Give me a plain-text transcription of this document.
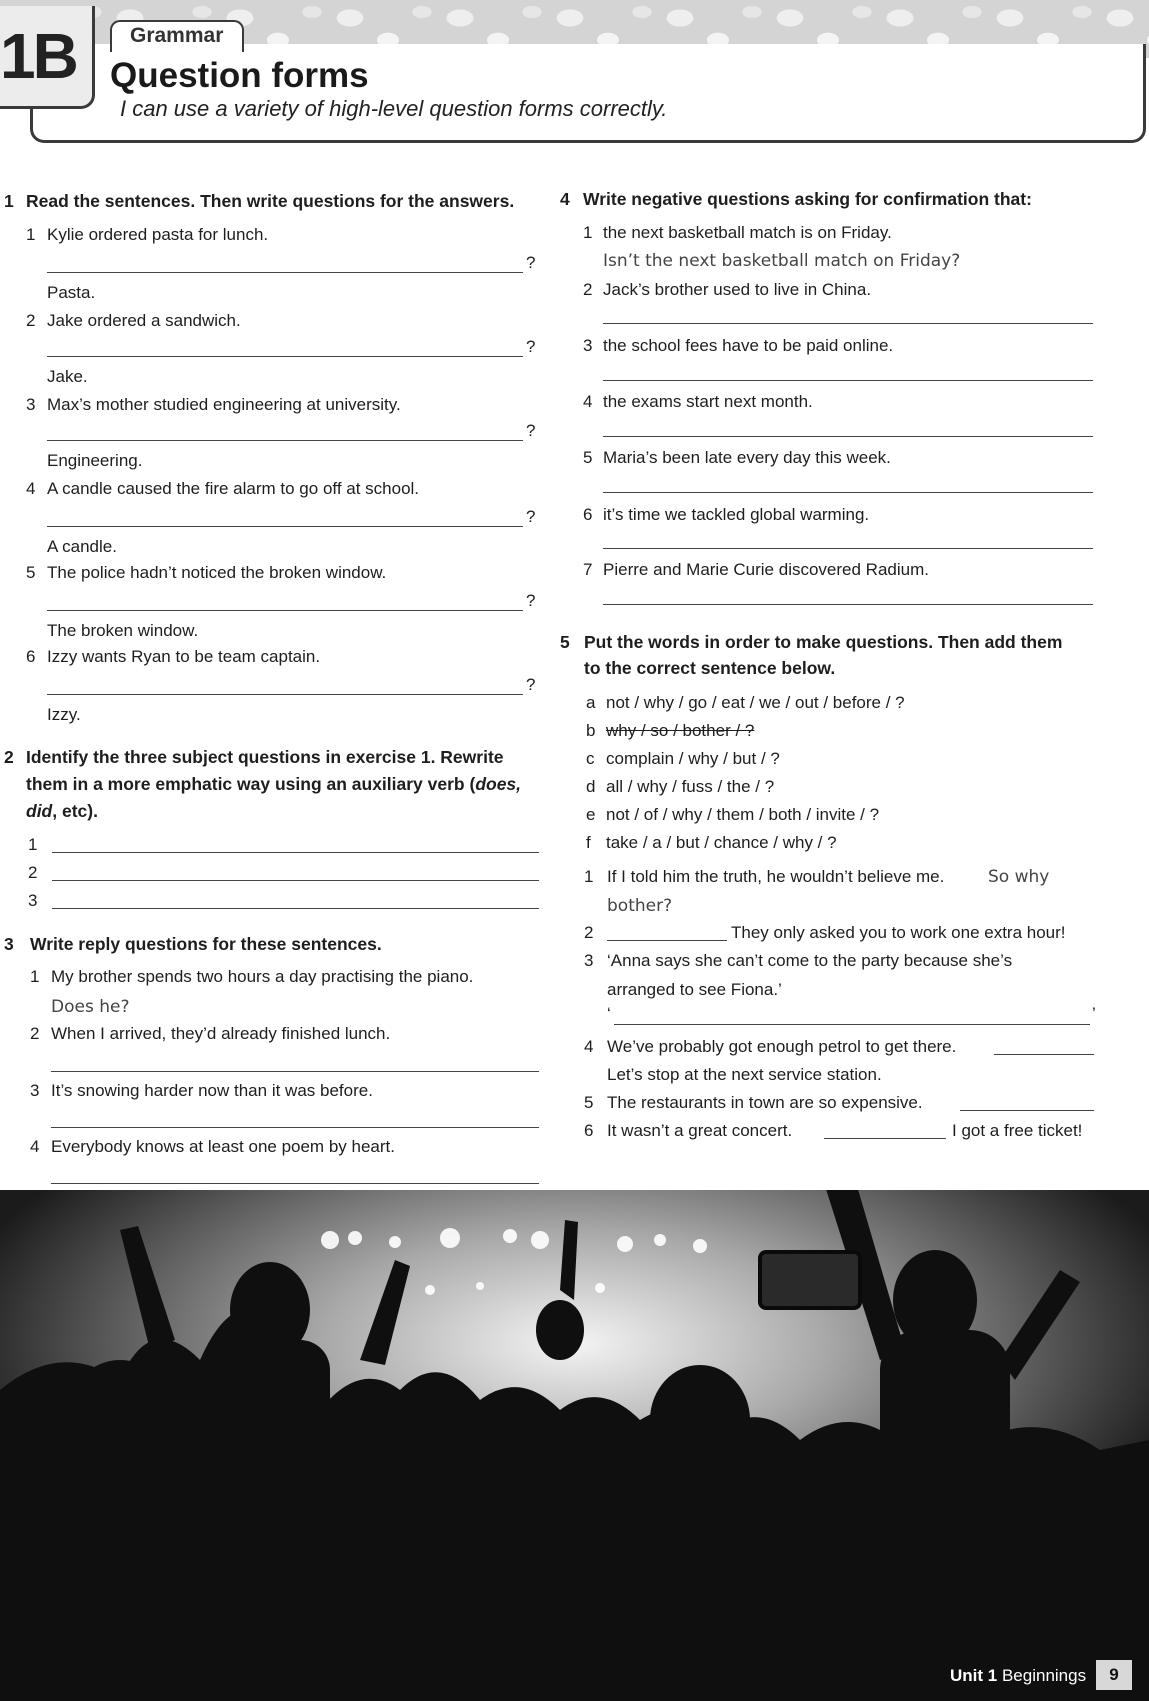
1B	Grammar
Question forms
I can use a variety of high-level question forms correctly.
1 Read the sentences. Then write questions for the answers.
1 Kylie ordered pasta for lunch.
?
Pasta.
2 Jake ordered a sandwich.
?
Jake.
3 Max’s mother studied engineering at university.
?
Engineering.
4 A candle caused the fire alarm to go off at school.
?
A candle.
5 The police hadn’t noticed the broken window.
?
The broken window.
6 Izzy wants Ryan to be team captain.
?
Izzy.
2 Identify the three subject questions in exercise 1. Rewrite
them in a more emphatic way using an auxiliary verb (does,
did, etc).
1
2
3
3 Write reply questions for these sentences.
1 My brother spends two hours a day practising the piano.
Does he?
2 When I arrived, they’d already finished lunch.
3 It’s snowing harder now than it was before.
4 Everybody knows at least one poem by heart.
4 Write negative questions asking for confirmation that:
1 the next basketball match is on Friday.
Isn’t the next basketball match on Friday?
2 Jack’s brother used to live in China.
3 the school fees have to be paid online.
4 the exams start next month.
5 Maria’s been late every day this week.
6 it’s time we tackled global warming.
7 Pierre and Marie Curie discovered Radium.
5 Put the words in order to make questions. Then add them
to the correct sentence below.
a not / why / go / eat / we / out / before / ?
b why / so / bother / ?
c complain / why / but / ?
d all / why / fuss / the / ?
e not / of / why / them / both / invite / ?
f take / a / but / chance / why / ?
1 If I told him the truth, he wouldn’t believe me.	So why
bother?
2	They only asked you to work one extra hour!
3 ‘Anna says she can’t come to the party because she’s
arranged to see Fiona.’
‘	’
4 We’ve probably got enough petrol to get there.
Let’s stop at the next service station.
5 The restaurants in town are so expensive.
6 It wasn’t a great concert.	I got a free ticket!
Unit 1 Beginnings	9
